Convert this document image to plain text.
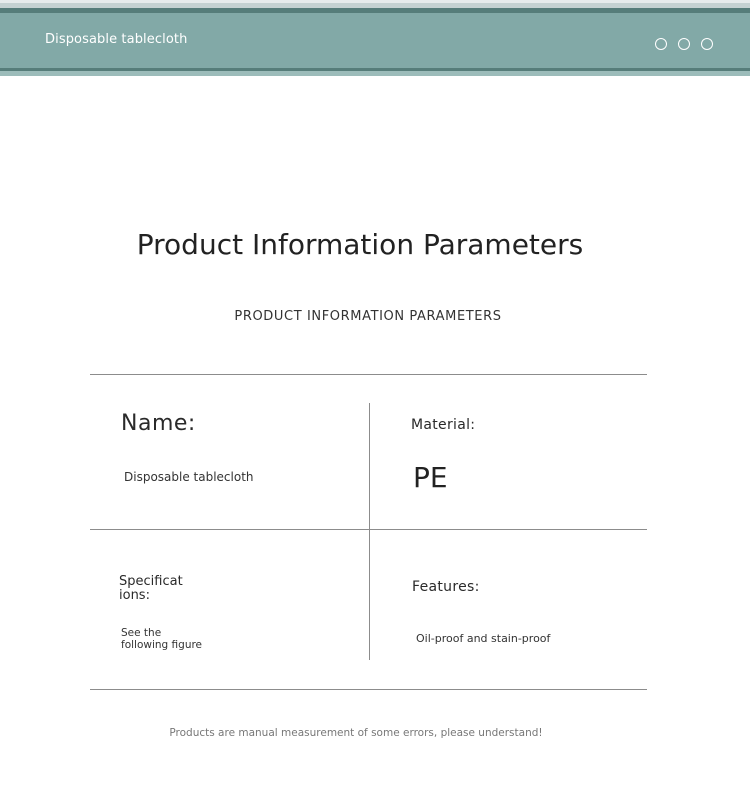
Disposable tablecloth
Product Information Parameters
PRODUCT INFORMATION PARAMETERS
Name:
Disposable tablecloth
Material:
PE
Specifications:
See the following figure
Features:
Oil-proof and stain-proof
Products are manual measurement of some errors, please understand!
